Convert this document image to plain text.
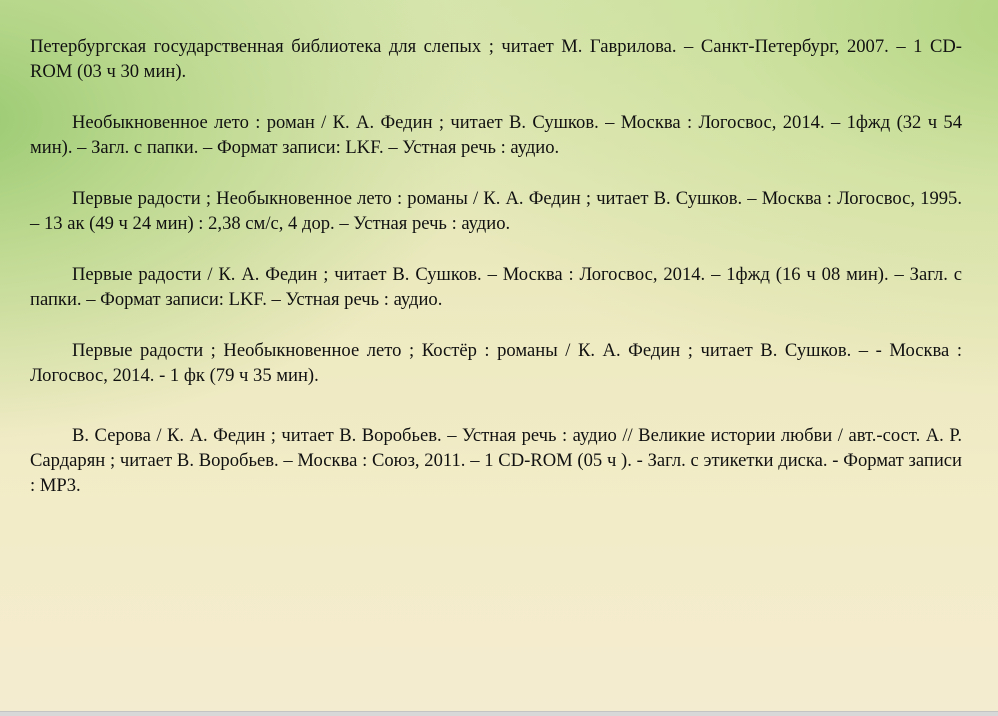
Петербургская государственная библиотека для слепых ; читает М. Гаврилова. – Санкт-Петербург, 2007. – 1 CD-ROM (03 ч 30 мин).

Необыкновенное лето : роман / К. А. Федин ; читает В. Сушков. – Москва : Логосвос, 2014. – 1фжд (32 ч 54 мин). – Загл. с папки. – Формат записи: LKF. – Устная речь : аудио.

Первые радости ; Необыкновенное лето : романы / К. А. Федин ; читает В. Сушков. – Москва : Логосвос, 1995. – 13 ак (49 ч 24 мин) : 2,38 см/с, 4 дор. – Устная речь : аудио.

Первые радости / К. А. Федин ; читает В. Сушков. – Москва : Логосвос, 2014. – 1фжд (16 ч 08 мин). – Загл. с папки. – Формат записи: LKF. – Устная речь : аудио.

Первые радости ; Необыкновенное лето ; Костёр : романы / К. А. Федин ; читает В. Сушков. – - Москва : Логосвос, 2014. - 1 фк (79 ч 35 мин).

В. Серова / К. А. Федин ; читает В. Воробьев. – Устная речь : аудио // Великие истории любви / авт.-сост. А. Р. Сардарян ; читает В. Воробьев. – Москва : Союз, 2011. – 1 CD-ROM (05 ч ). - Загл. с этикетки диска. - Формат записи : MP3.
